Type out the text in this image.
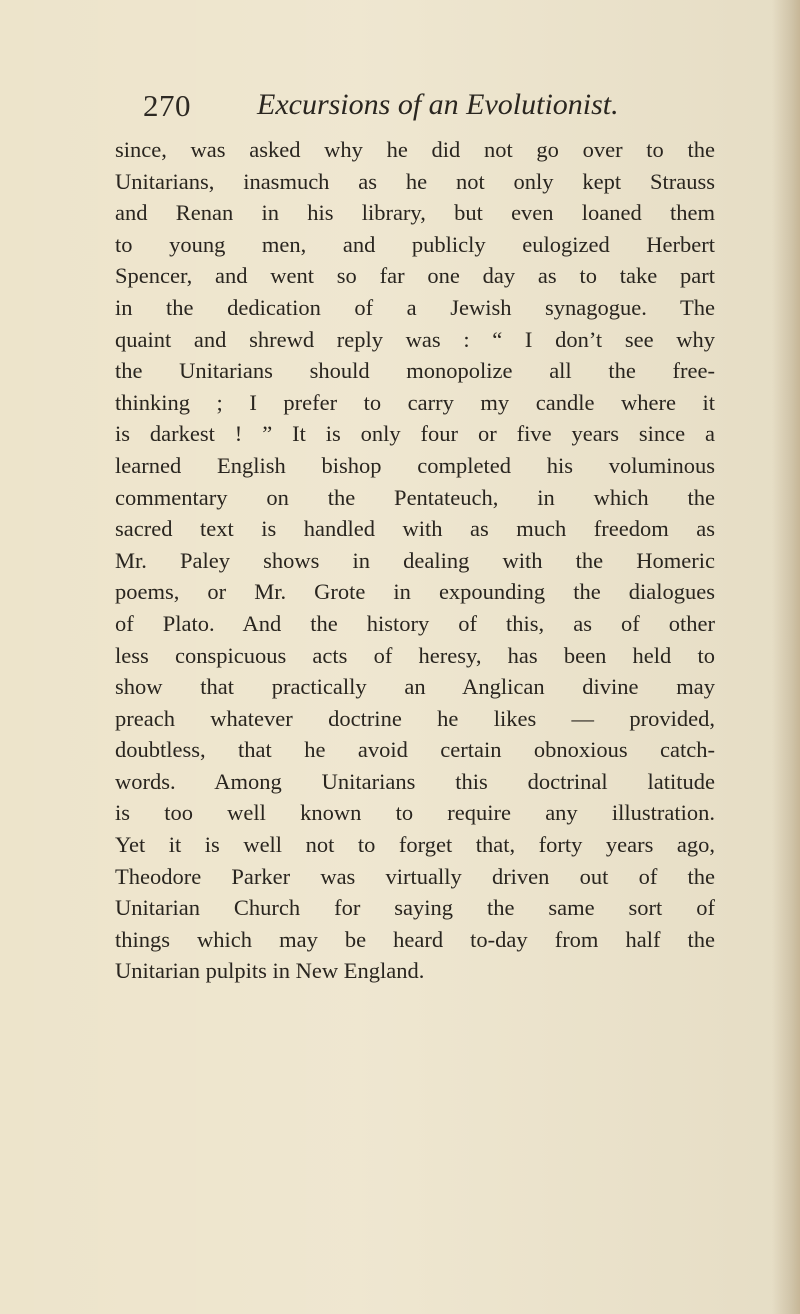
270 Excursions of an Evolutionist.
since, was asked why he did not go over to the
Unitarians, inasmuch as he not only kept Strauss
and Renan in his library, but even loaned them
to young men, and publicly eulogized Herbert
Spencer, and went so far one day as to take part
in the dedication of a Jewish synagogue. The
quaint and shrewd reply was : “ I don’t see why
the Unitarians should monopolize all the free-
thinking ; I prefer to carry my candle where it
is darkest ! ” It is only four or five years since a
learned English bishop completed his voluminous
commentary on the Pentateuch, in which the
sacred text is handled with as much freedom as
Mr. Paley shows in dealing with the Homeric
poems, or Mr. Grote in expounding the dialogues
of Plato. And the history of this, as of other
less conspicuous acts of heresy, has been held to
show that practically an Anglican divine may
preach whatever doctrine he likes — provided,
doubtless, that he avoid certain obnoxious catch-
words. Among Unitarians this doctrinal latitude
is too well known to require any illustration.
Yet it is well not to forget that, forty years ago,
Theodore Parker was virtually driven out of the
Unitarian Church for saying the same sort of
things which may be heard to-day from half the
Unitarian pulpits in New England.
